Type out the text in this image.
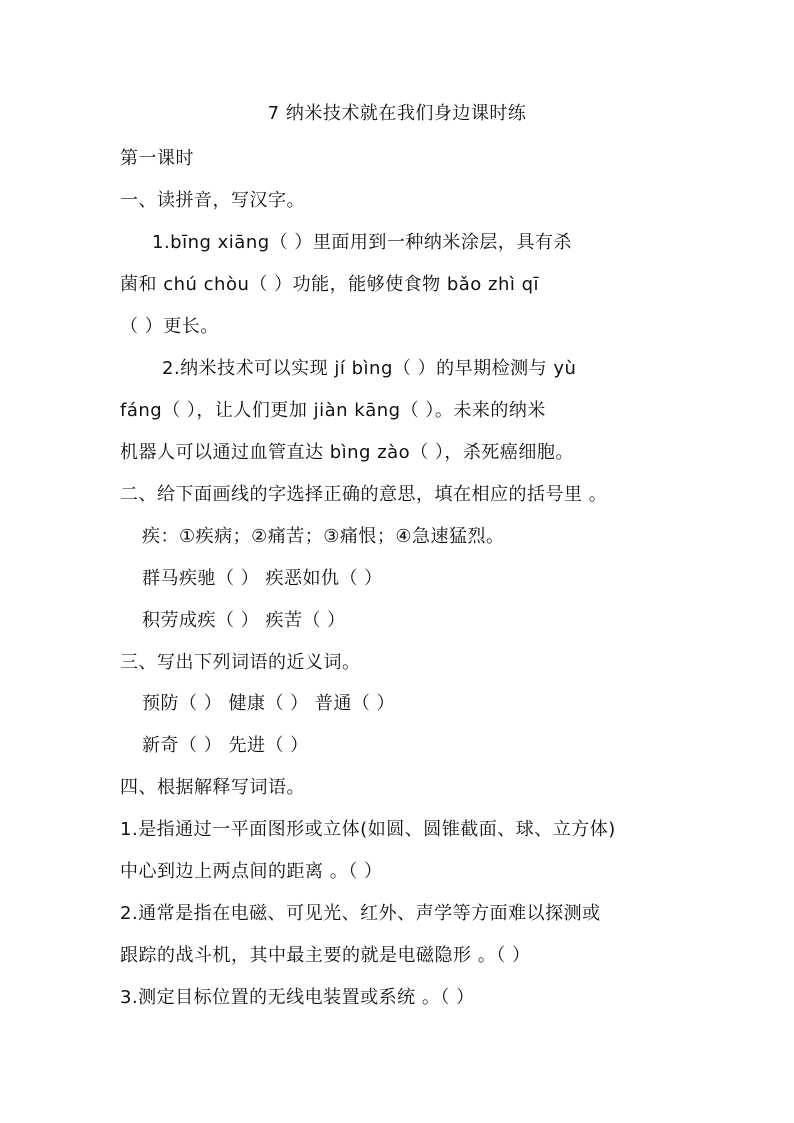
7 纳米技术就在我们身边课时练
第一课时
一、读拼音，写汉字。
1.bīng xiāng（ ）里面用到一种纳米涂层，具有杀
菌和 chú chòu（ ）功能，能够使食物 bǎo zhì qī
（ ）更长。
2.纳米技术可以实现 jí bìng（ ）的早期检测与 yù
fáng（ ），让人们更加 jiàn kāng（ ）。未来的纳米
机器人可以通过血管直达 bìng zào（ ），杀死癌细胞。
二、给下面画线的字选择正确的意思，填在相应的括号里 。
疾：①疾病；②痛苦；③痛恨；④急速猛烈。
群马疾驰（ ） 疾恶如仇（ ）
积劳成疾（ ） 疾苦（ ）
三、写出下列词语的近义词。
预防（ ） 健康（ ） 普通（ ）
新奇（ ） 先进（ ）
四、根据解释写词语。
1.是指通过一平面图形或立体(如圆、圆锥截面、球、立方体)
中心到边上两点间的距离 。（ ）
2.通常是指在电磁、可见光、红外、声学等方面难以探测或
跟踪的战斗机，其中最主要的就是电磁隐形 。（ ）
3.测定目标位置的无线电装置或系统 。（ ）
